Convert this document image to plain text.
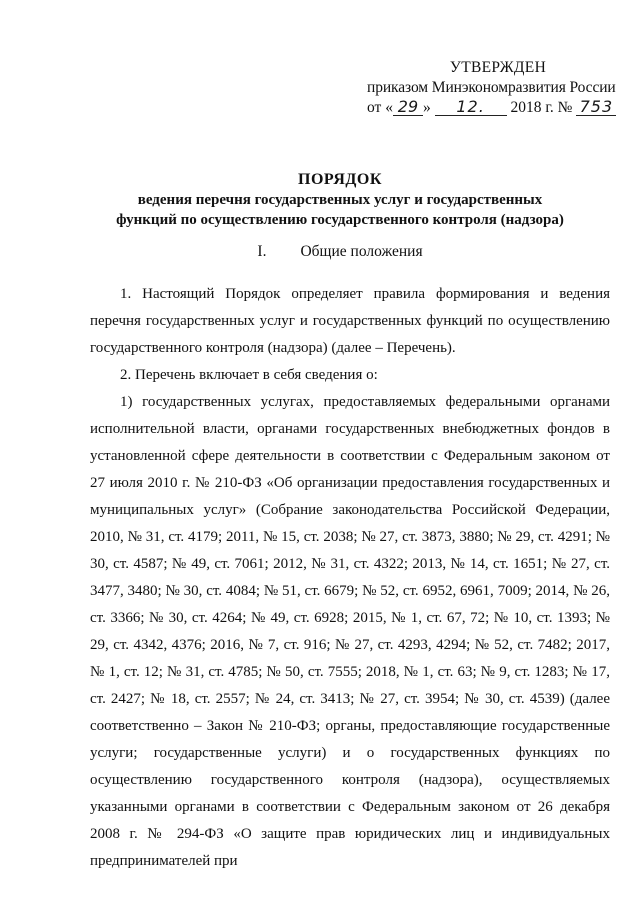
УТВЕРЖДЕН
приказом Минэкономразвития России
от « 29 » 12. 2018 г. № 753
ПОРЯДОК
ведения перечня государственных услуг и государственных
функций по осуществлению государственного контроля (надзора)
I. Общие положения

1. Настоящий Порядок определяет правила формирования и ведения перечня государственных услуг и государственных функций по осуществлению государственного контроля (надзора) (далее – Перечень).

2. Перечень включает в себя сведения о:

1) государственных услугах, предоставляемых федеральными органами исполнительной власти, органами государственных внебюджетных фондов в установленной сфере деятельности в соответствии с Федеральным законом от 27 июля 2010 г. № 210-ФЗ «Об организации предоставления государственных и муниципальных услуг» (Собрание законодательства Российской Федерации, 2010, № 31, ст. 4179; 2011, № 15, ст. 2038; № 27, ст. 3873, 3880; № 29, ст. 4291; № 30, ст. 4587; № 49, ст. 7061; 2012, № 31, ст. 4322; 2013, № 14, ст. 1651; № 27, ст. 3477, 3480; № 30, ст. 4084; № 51, ст. 6679; № 52, ст. 6952, 6961, 7009; 2014, № 26, ст. 3366; № 30, ст. 4264; № 49, ст. 6928; 2015, № 1, ст. 67, 72; № 10, ст. 1393; № 29, ст. 4342, 4376; 2016, № 7, ст. 916; № 27, ст. 4293, 4294; № 52, ст. 7482; 2017, № 1, ст. 12; № 31, ст. 4785; № 50, ст. 7555; 2018, № 1, ст. 63; № 9, ст. 1283; № 17, ст. 2427; № 18, ст. 2557; № 24, ст. 3413; № 27, ст. 3954; № 30, ст. 4539) (далее соответственно – Закон № 210-ФЗ; органы, предоставляющие государственные услуги; государственные услуги) и о государственных функциях по осуществлению государственного контроля (надзора), осуществляемых указанными органами в соответствии с Федеральным законом от 26 декабря 2008 г. № 294-ФЗ «О защите прав юридических лиц и индивидуальных предпринимателей при
